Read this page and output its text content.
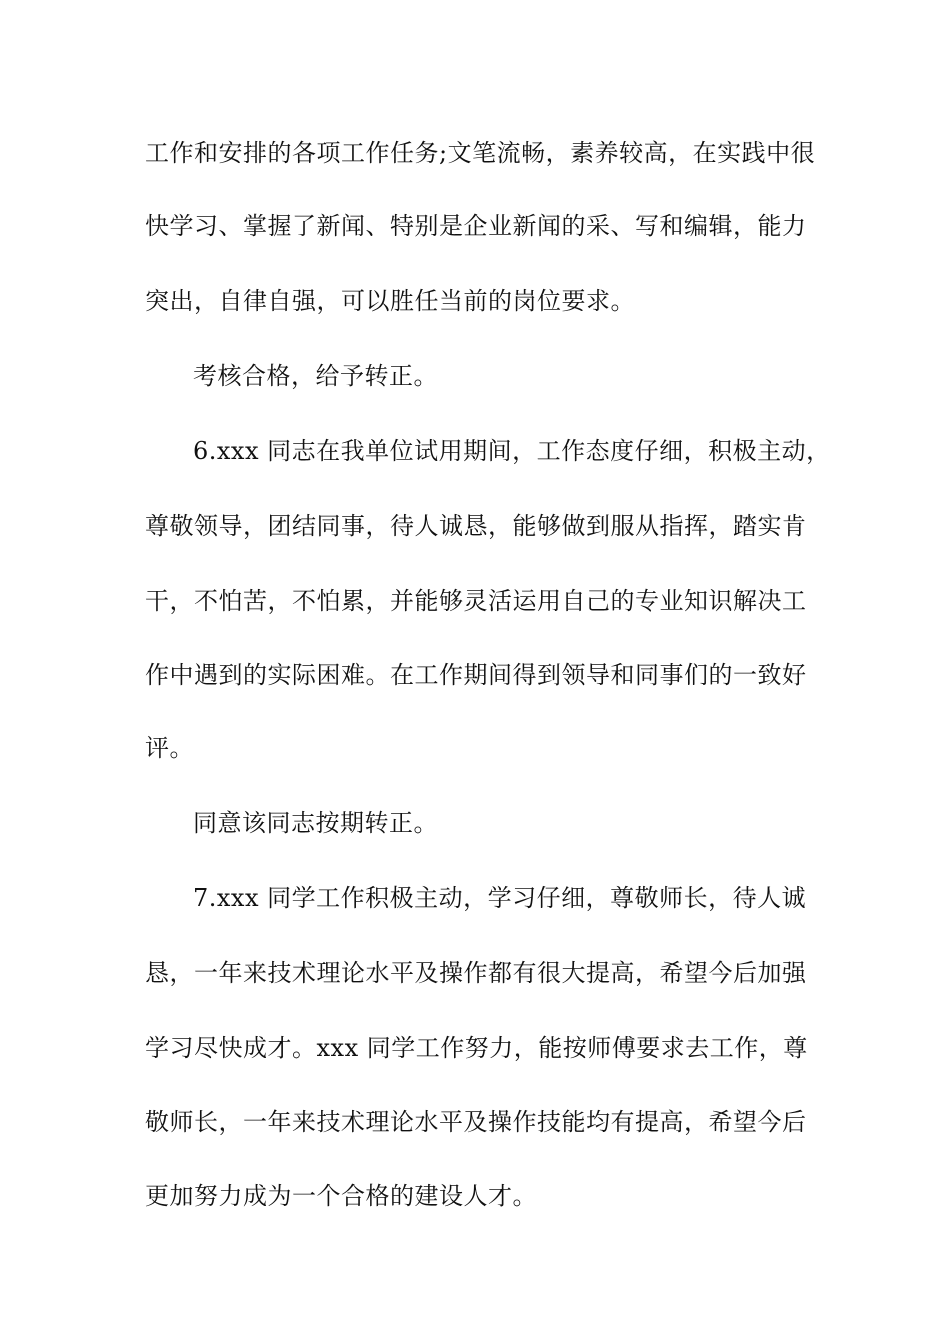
工作和安排的各项工作任务;文笔流畅，素养较高，在实践中很
快学习、掌握了新闻、特别是企业新闻的采、写和编辑，能力
突出，自律自强，可以胜任当前的岗位要求。
考核合格，给予转正。
6.xxx 同志在我单位试用期间，工作态度仔细，积极主动，
尊敬领导，团结同事，待人诚恳，能够做到服从指挥，踏实肯
干，不怕苦，不怕累，并能够灵活运用自己的专业知识解决工
作中遇到的实际困难。在工作期间得到领导和同事们的一致好
评。
同意该同志按期转正。
7.xxx 同学工作积极主动，学习仔细，尊敬师长，待人诚
恳，一年来技术理论水平及操作都有很大提高，希望今后加强
学习尽快成才。xxx 同学工作努力，能按师傅要求去工作，尊
敬师长，一年来技术理论水平及操作技能均有提高，希望今后
更加努力成为一个合格的建设人才。
